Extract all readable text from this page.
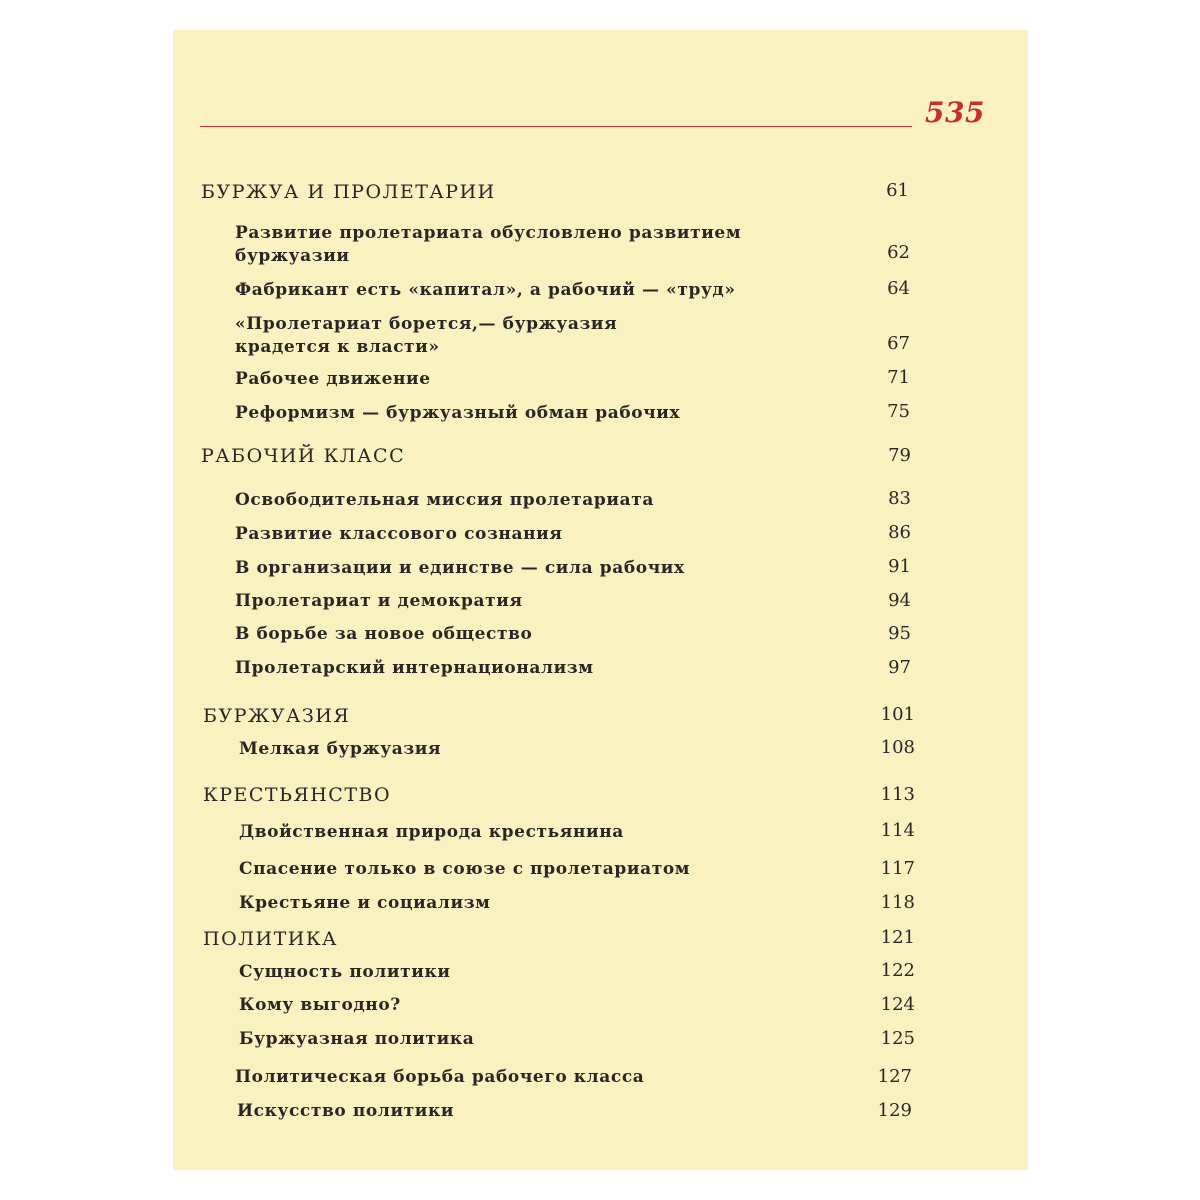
535
БУРЖУА И ПРОЛЕТАРИИ	61
Развитие пролетариата обусловлено развитием
буржуазии	62
Фабрикант есть «капитал», а рабочий — «труд»	64
«Пролетариат борется,— буржуазия
крадется к власти»	67
Рабочее движение	71
Реформизм — буржуазный обман рабочих	75
РАБОЧИЙ КЛАСС	79
Освободительная миссия пролетариата	83
Развитие классового сознания	86
В организации и единстве — сила рабочих	91
Пролетариат и демократия	94
В борьбе за новое общество	95
Пролетарский интернационализм	97
БУРЖУАЗИЯ	101
Мелкая буржуазия	108
КРЕСТЬЯНСТВО	113
Двойственная природа крестьянина	114
Спасение только в союзе с пролетариатом	117
Крестьяне и социализм	118
ПОЛИТИКА	121
Сущность политики	122
Кому выгодно?	124
Буржуазная политика	125
Политическая борьба рабочего класса	127
Искусство политики	129
